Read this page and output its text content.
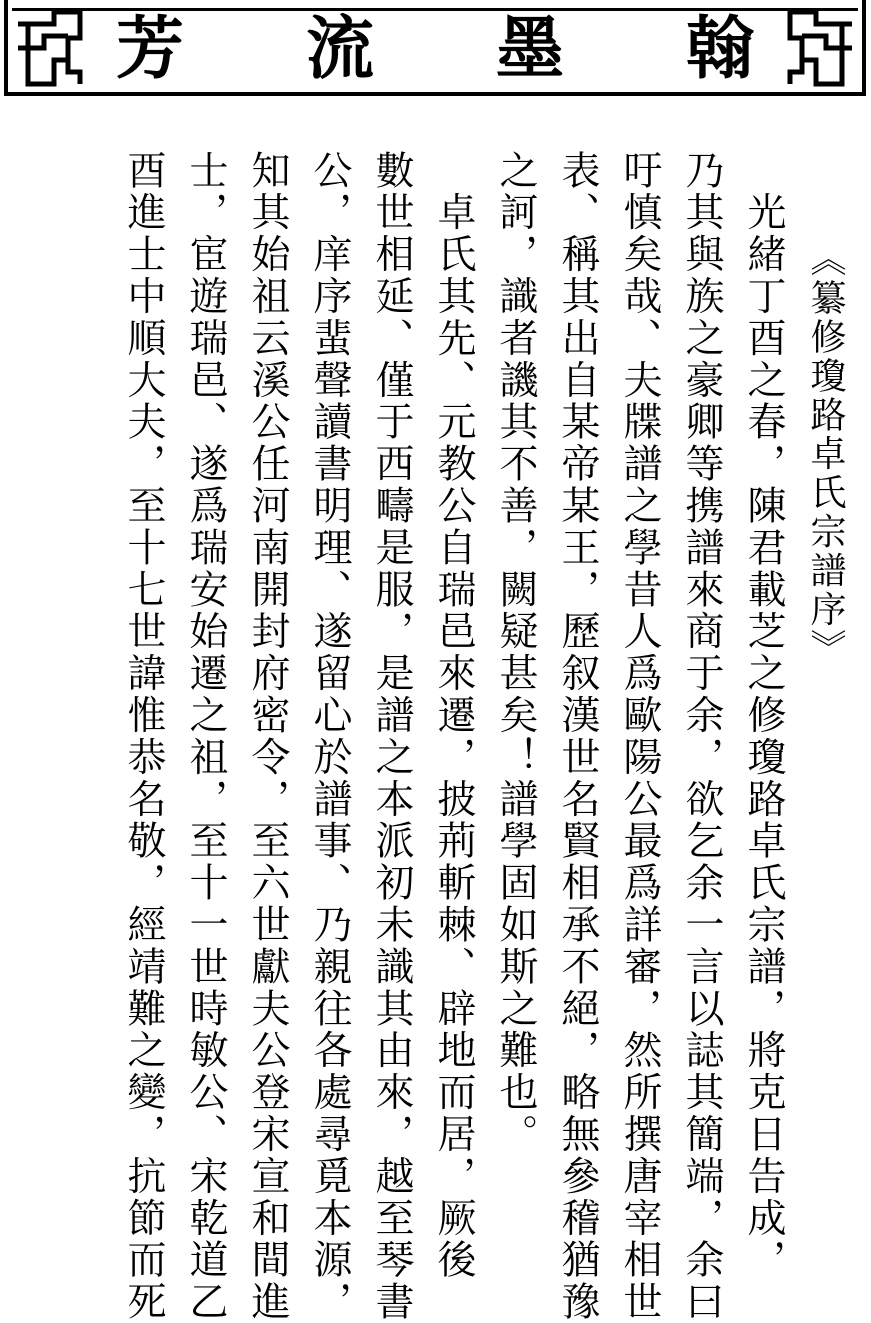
翰
墨
流
芳
《纂修瓊路卓氏宗譜序》
　光緒丁酉之春，陳君載芝之修瓊路卓氏宗譜，將克日告成，
乃其與族之豪卿等携譜來商于余，欲乞余一言以誌其簡端，余曰
吁慎矣哉、夫牒譜之學昔人爲歐陽公最爲詳審，然所撰唐宰相世
表、稱其出自某帝某王，歷叙漢世名賢相承不絕，略無參稽猶豫
之訶，識者譏其不善，闕疑甚矣！譜學固如斯之難也。
　卓氏其先、元教公自瑞邑來遷，披荊斬棘、辟地而居，厥後
數世相延、僅于西疇是服，是譜之本派初未識其由來，越至琴書
公，庠序蜚聲讀書明理、遂留心於譜事、乃親往各處尋覓本源，
知其始祖云溪公任河南開封府密令，至六世獻夫公登宋宣和間進
士，宦遊瑞邑、遂爲瑞安始遷之祖，至十一世時敏公、宋乾道乙
酉進士中順大夫，至十七世諱惟恭名敬，經靖難之變，抗節而死
